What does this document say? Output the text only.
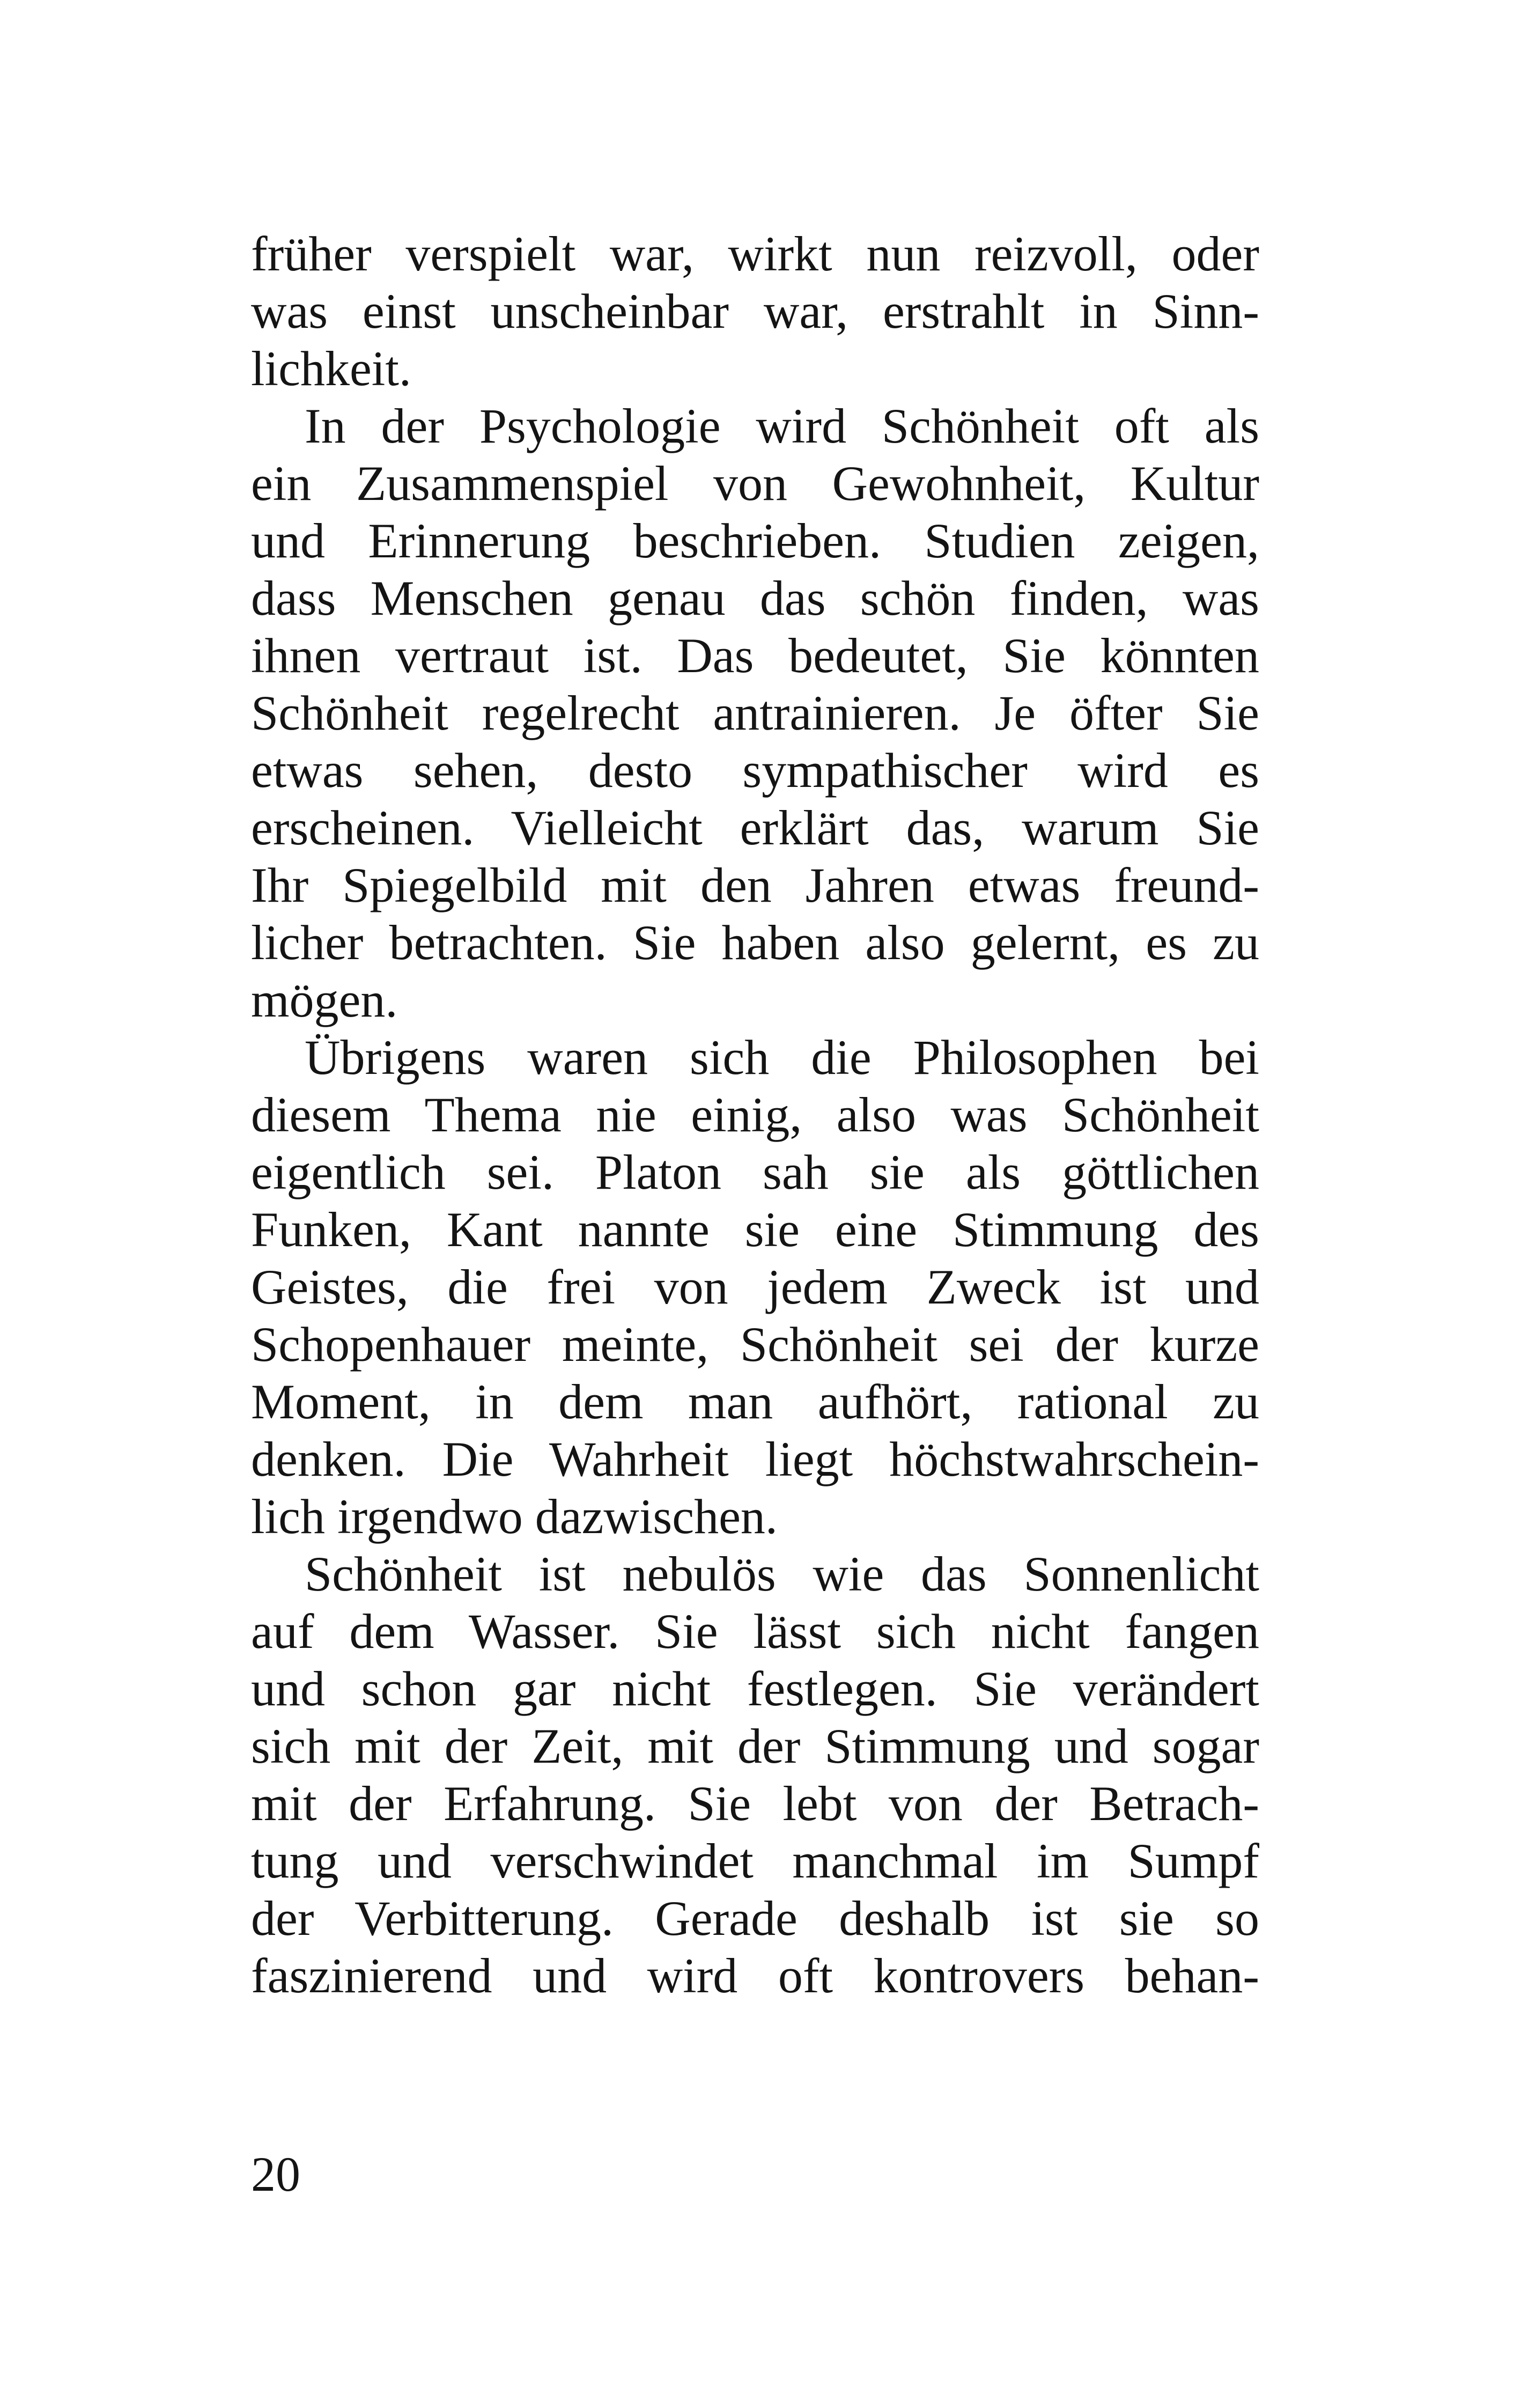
früher verspielt war, wirkt nun reizvoll, oder
was einst unscheinbar war, erstrahlt in Sinn-
lichkeit.
In der Psychologie wird Schönheit oft als
ein Zusammenspiel von Gewohnheit, Kultur
und Erinnerung beschrieben. Studien zeigen,
dass Menschen genau das schön finden, was
ihnen vertraut ist. Das bedeutet, Sie könnten
Schönheit regelrecht antrainieren. Je öfter Sie
etwas sehen, desto sympathischer wird es
erscheinen. Vielleicht erklärt das, warum Sie
Ihr Spiegelbild mit den Jahren etwas freund-
licher betrachten. Sie haben also gelernt, es zu
mögen.
Übrigens waren sich die Philosophen bei
diesem Thema nie einig, also was Schönheit
eigentlich sei. Platon sah sie als göttlichen
Funken, Kant nannte sie eine Stimmung des
Geistes, die frei von jedem Zweck ist und
Schopenhauer meinte, Schönheit sei der kurze
Moment, in dem man aufhört, rational zu
denken. Die Wahrheit liegt höchstwahrschein-
lich irgendwo dazwischen.
Schönheit ist nebulös wie das Sonnenlicht
auf dem Wasser. Sie lässt sich nicht fangen
und schon gar nicht festlegen. Sie verändert
sich mit der Zeit, mit der Stimmung und sogar
mit der Erfahrung. Sie lebt von der Betrach-
tung und verschwindet manchmal im Sumpf
der Verbitterung. Gerade deshalb ist sie so
faszinierend und wird oft kontrovers behan-
20
